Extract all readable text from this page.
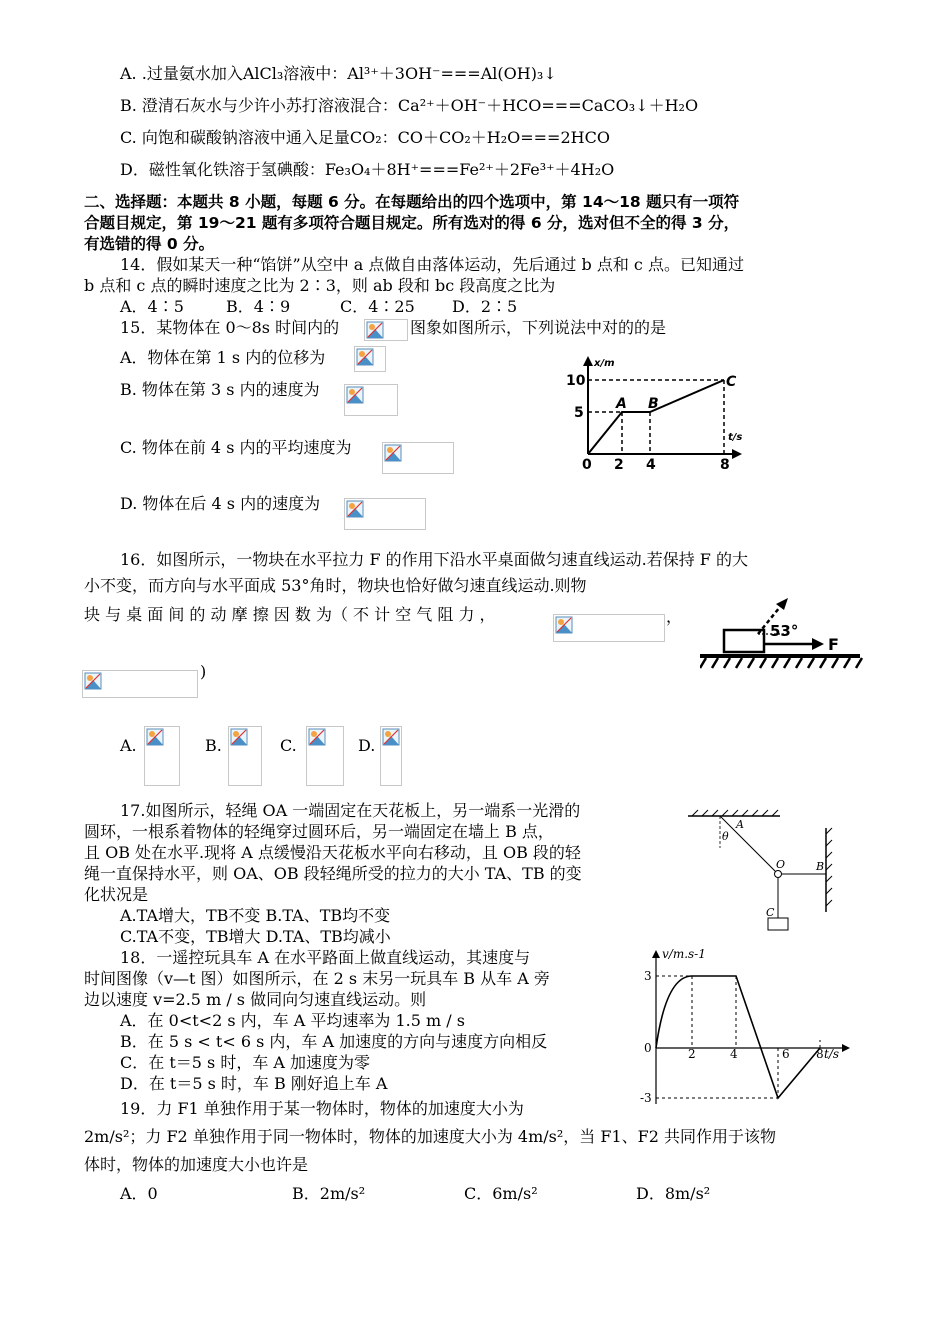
A. .过量氨水加入AlCl₃溶液中：Al³⁺＋3OH⁻===Al(OH)₃↓
B. 澄清石灰水与少许小苏打溶液混合：Ca²⁺＋OH⁻＋HCO===CaCO₃↓＋H₂O
C. 向饱和碳酸钠溶液中通入足量CO₂：CO＋CO₂＋H₂O===2HCO
D．磁性氧化铁溶于氢碘酸：Fe₃O₄＋8H⁺===Fe²⁺＋2Fe³⁺＋4H₂O
二、选择题：本题共 8 小题，每题 6 分。在每题给出的四个选项中，第 14～18 题只有一项符
合题目规定，第 19～21 题有多项符合题目规定。所有选对的得 6 分，选对但不全的得 3 分，
有选错的得 0 分。
14．假如某天一种“馅饼”从空中 a 点做自由落体运动，先后通过 b 点和 c 点。已知通过
b 点和 c 点的瞬时速度之比为 2∶3，则 ab 段和 bc 段高度之比为
A．4∶5	B．4∶9	C．4∶25 D．2∶5
15．某物体在 0～8s 时间内的	图象如图所示，下列说法中对的的是
A．物体在第 1 s 内的位移为
B. 物体在第 3 s 内的速度为
C. 物体在前 4 s 内的平均速度为
D. 物体在后 4 s 内的速度为
x/m
t/s
10
5
0 2 4	8
A B
C
16．如图所示，一物块在水平拉力 F 的作用下沿水平桌面做匀速直线运动.若保持 F 的大
小不变，而方向与水平面成 53°角时，物块也恰好做匀速直线运动.则物
块 与 桌 面 间 的 动 摩 擦 因 数 为（ 不 计 空 气 阻 力 ，	，
)
53°
F
A.	B.	C.	D.
17.如图所示，轻绳 OA 一端固定在天花板上，另一端系一光滑的
圆环，一根系着物体的轻绳穿过圆环后，另一端固定在墙上 B 点，
且 OB 处在水平.现将 A 点缓慢沿天花板水平向右移动，且 OB 段的轻
绳一直保持水平，则 OA、OB 段轻绳所受的拉力的大小 TA、TB 的变
化状况是
A.TA增大，TB不变 B.TA、TB均不变
C.TA不变，TB增大 D.TA、TB均减小
A
θ
O	B
C
18．一遥控玩具车 A 在水平路面上做直线运动，其速度与
时间图像（v—t 图）如图所示，在 2 s 末另一玩具车 B 从车 A 旁
边以速度 v=2.5 m / s 做同向匀速直线运动。则
A．在 0<t<2 s 内，车 A 平均速率为 1.5 m / s
B．在 5 s < t< 6 s 内，车 A 加速度的方向与速度方向相反
C．在 t＝5 s 时，车 A 加速度为零
D．在 t＝5 s 时，车 B 刚好追上车 A
v/m.s-1
t/s
3
0
-3
2	4	6 8
19．力 F1 单独作用于某一物体时，物体的加速度大小为
2m/s²；力 F2 单独作用于同一物体时，物体的加速度大小为 4m/s²，当 F1、F2 共同作用于该物
体时，物体的加速度大小也许是
A．0	B．2m/s²	C．6m/s²	D．8m/s²
